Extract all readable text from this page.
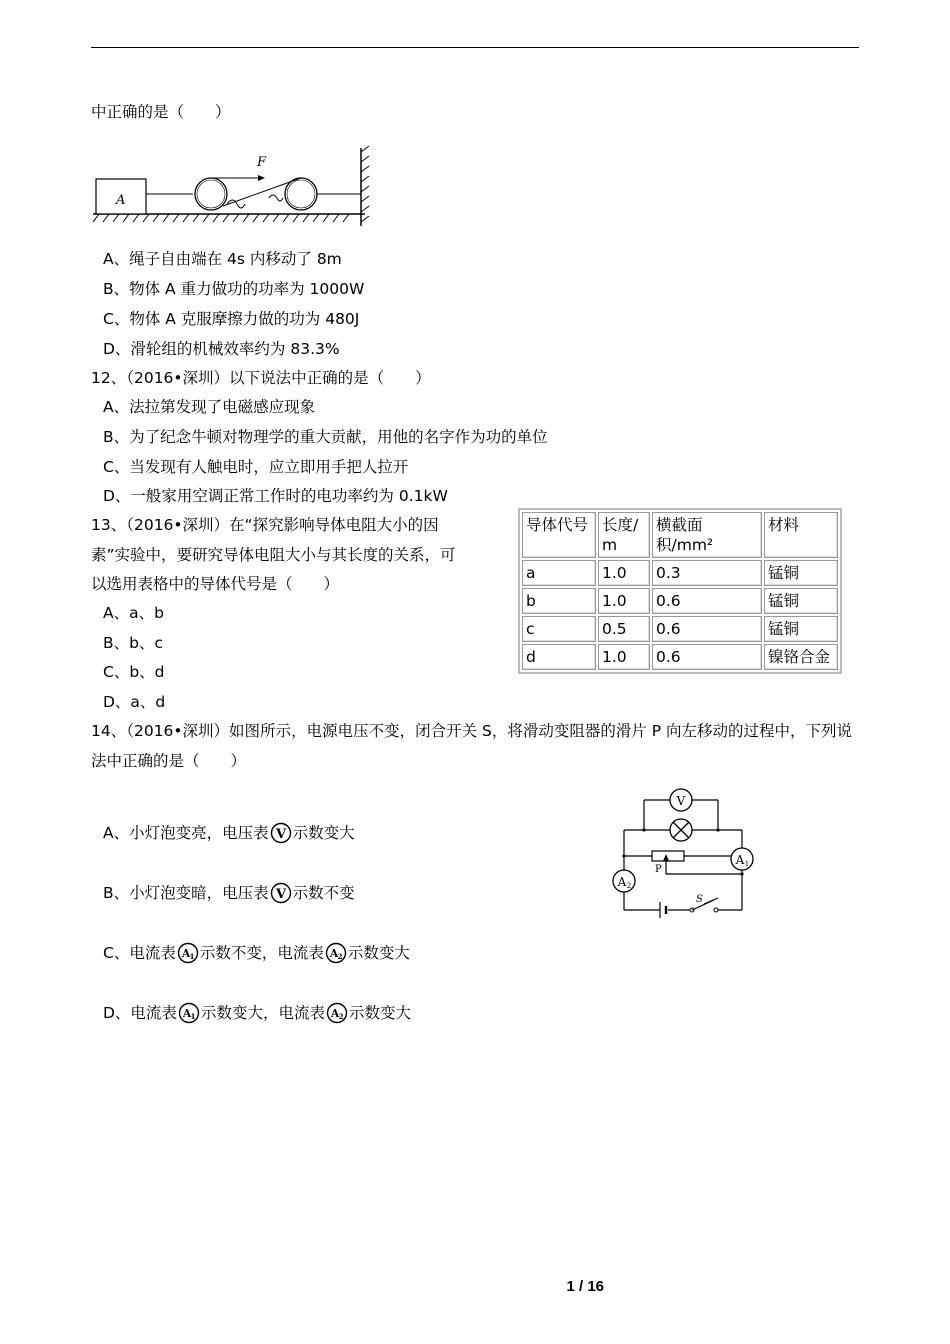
中正确的是（　　）
A
F
A、绳子自由端在 4s 内移动了 8m
B、物体 A 重力做功的功率为 1000W
C、物体 A 克服摩擦力做的功为 480J
D、滑轮组的机械效率约为 83.3%
12、（2016•深圳）以下说法中正确的是（　　）
A、法拉第发现了电磁感应现象
B、为了纪念牛顿对物理学的重大贡献，用他的名字作为功的单位
C、当发现有人触电时，应立即用手把人拉开
D、一般家用空调正常工作时的电功率约为 0.1kW
13、（2016•深圳）在“探究影响导体电阻大小的因
素”实验中，要研究导体电阻大小与其长度的关系，可
以选用表格中的导体代号是（　　）
A、a、b
B、b、c
C、b、d
D、a、d
导体代号	长度/m	横截面积/mm²	材料
a	1.0	0.3	锰铜
b	1.0	0.6	锰铜
c	0.5	0.6	锰铜
d	1.0	0.6	镍铬合金
14、（2016•深圳）如图所示，电源电压不变，闭合开关 S，将滑动变阻器的滑片 P 向左移动的过程中，下列说
法中正确的是（　　）
A、小灯泡变亮，电压表 V 示数变大
B、小灯泡变暗，电压表 V 示数不变
C、电流表 A 1 示数不变，电流表 A 2 示数变大
D、电流表 A 1 示数变大，电流表 A 2 示数变大
S
V
A 1
A 2
P
1 / 16
